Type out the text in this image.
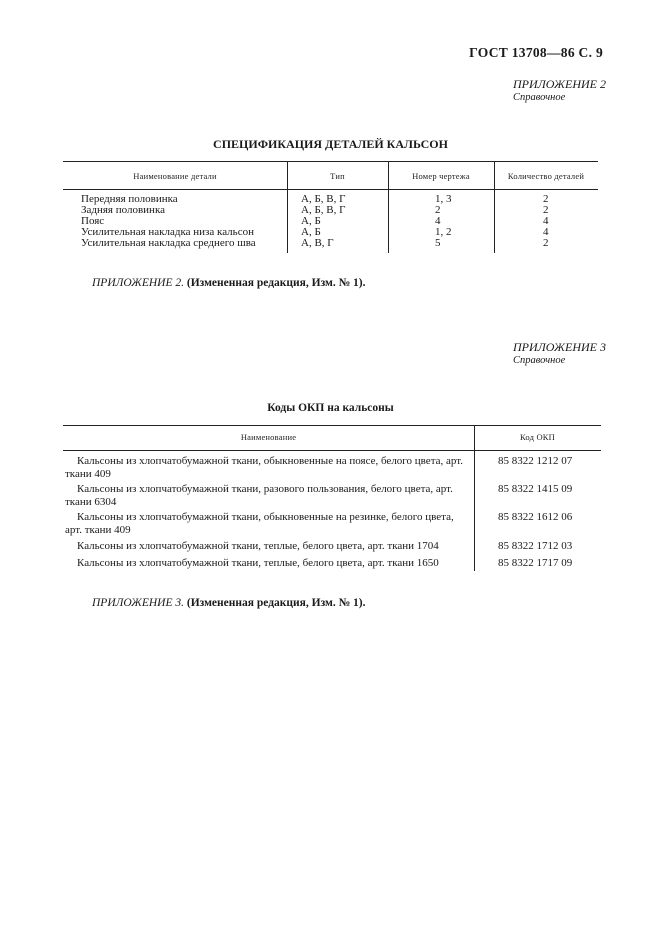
ГОСТ 13708—86 С. 9
ПРИЛОЖЕНИЕ 2
Справочное
СПЕЦИФИКАЦИЯ ДЕТАЛЕЙ КАЛЬСОН
Наименование детали	Тип	Номер чертежа	Количество деталей
Передняя половинка	А, Б, В, Г	1, 3	2
Задняя половинка	А, Б, В, Г	2	2
Пояс	А, Б	4	4
Усилительная накладка низа кальсон	А, Б	1, 2	4
Усилительная накладка среднего шва	А, В, Г	5	2
ПРИЛОЖЕНИЕ 2. (Измененная редакция, Изм. № 1).
ПРИЛОЖЕНИЕ 3
Справочное
Коды ОКП на кальсоны
Наименование	Код ОКП
Кальсоны из хлопчатобумажной ткани, обыкновенные на поясе, белого цвета, арт.
ткани 409
85 8322 1212 07
Кальсоны из хлопчатобумажной ткани, разового пользования, белого цвета, арт.
ткани 6304
85 8322 1415 09
Кальсоны из хлопчатобумажной ткани, обыкновенные на резинке, белого цвета,
арт. ткани 409
85 8322 1612 06
Кальсоны из хлопчатобумажной ткани, теплые, белого цвета, арт. ткани 1704	85 8322 1712 03
Кальсоны из хлопчатобумажной ткани, теплые, белого цвета, арт. ткани 1650	85 8322 1717 09
ПРИЛОЖЕНИЕ 3. (Измененная редакция, Изм. № 1).
